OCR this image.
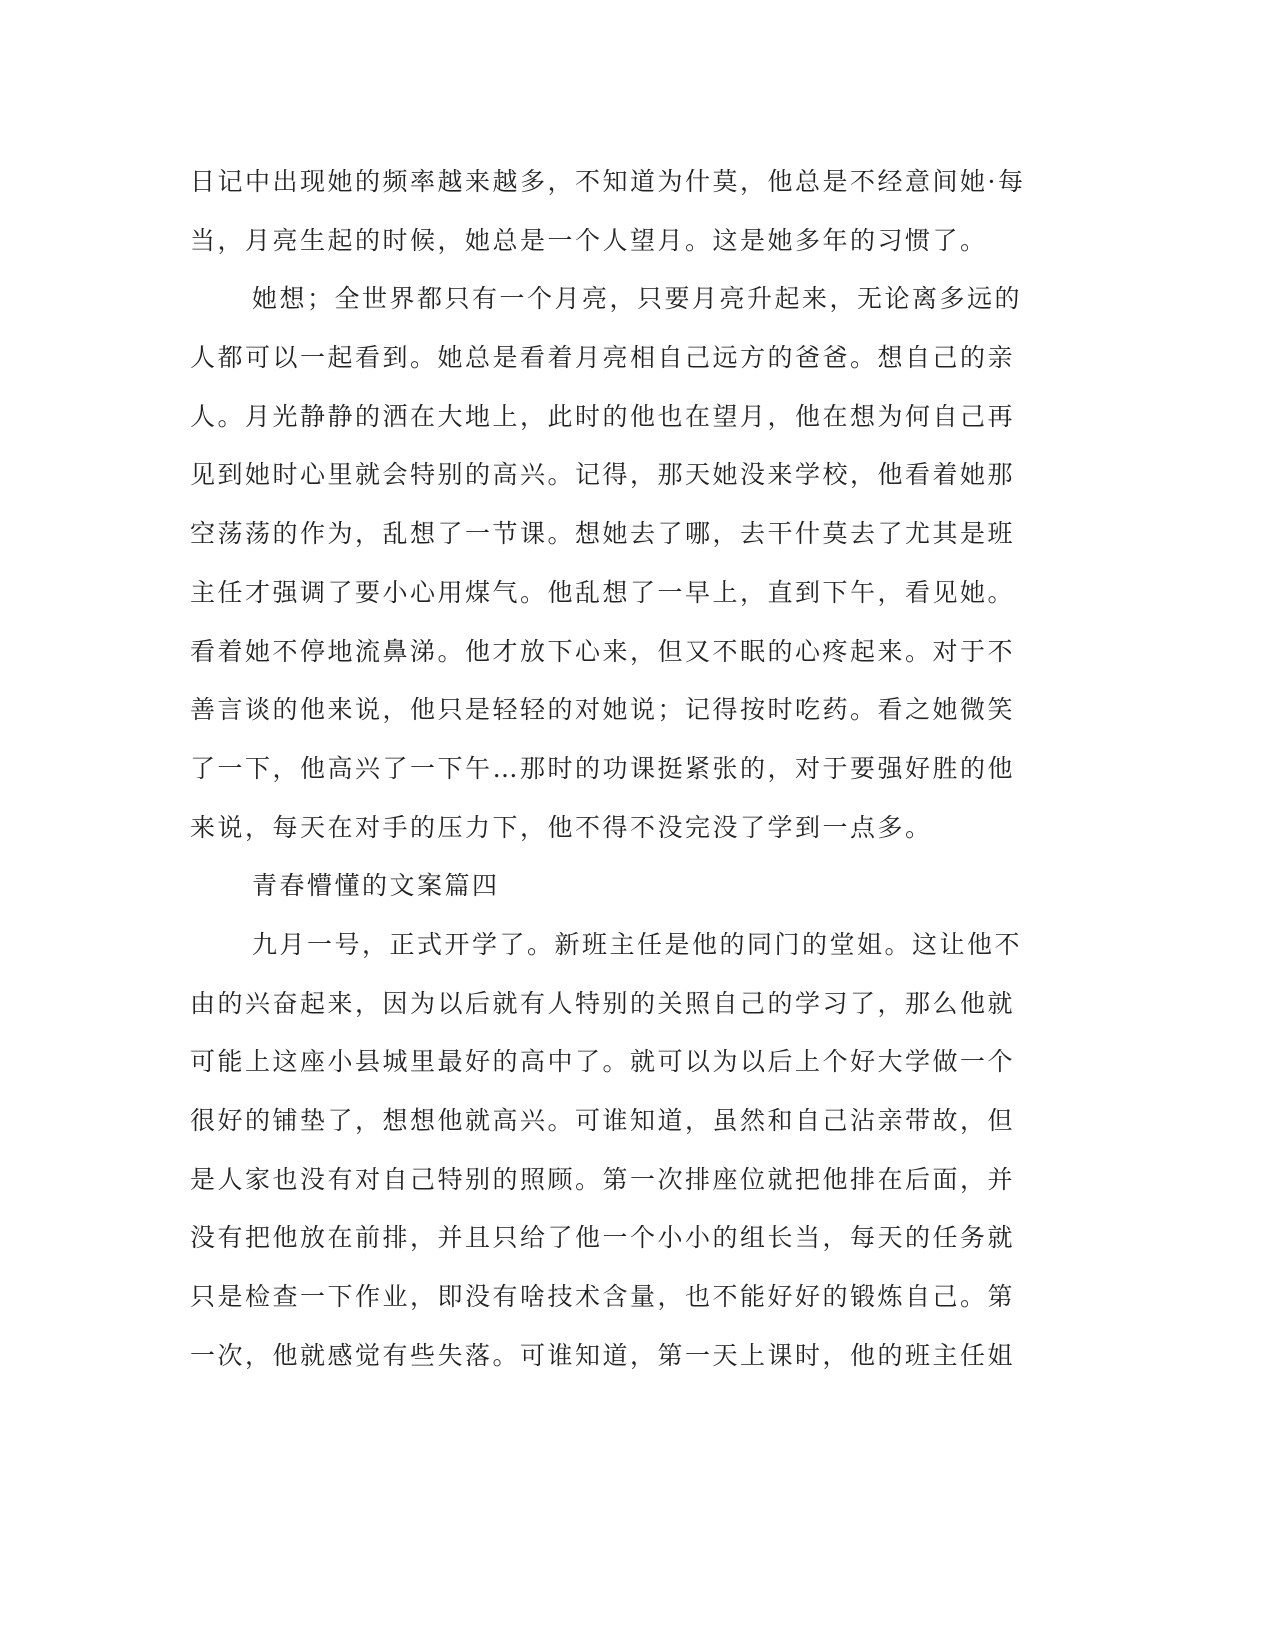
日记中出现她的频率越来越多，不知道为什莫，他总是不经意间她·每
当，月亮生起的时候，她总是一个人望月。这是她多年的习惯了。
她想；全世界都只有一个月亮，只要月亮升起来，无论离多远的
人都可以一起看到。她总是看着月亮相自己远方的爸爸。想自己的亲
人。月光静静的洒在大地上，此时的他也在望月，他在想为何自己再
见到她时心里就会特别的高兴。记得，那天她没来学校，他看着她那
空荡荡的作为，乱想了一节课。想她去了哪，去干什莫去了尤其是班
主任才强调了要小心用煤气。他乱想了一早上，直到下午，看见她。
看着她不停地流鼻涕。他才放下心来，但又不眠的心疼起来。对于不
善言谈的他来说，他只是轻轻的对她说；记得按时吃药。看之她微笑
了一下，他高兴了一下午…那时的功课挺紧张的，对于要强好胜的他
来说，每天在对手的压力下，他不得不没完没了学到一点多。
青春懵懂的文案篇四
九月一号，正式开学了。新班主任是他的同门的堂姐。这让他不
由的兴奋起来，因为以后就有人特别的关照自己的学习了，那么他就
可能上这座小县城里最好的高中了。就可以为以后上个好大学做一个
很好的铺垫了，想想他就高兴。可谁知道，虽然和自己沾亲带故，但
是人家也没有对自己特别的照顾。第一次排座位就把他排在后面，并
没有把他放在前排，并且只给了他一个小小的组长当，每天的任务就
只是检查一下作业，即没有啥技术含量，也不能好好的锻炼自己。第
一次，他就感觉有些失落。可谁知道，第一天上课时，他的班主任姐
